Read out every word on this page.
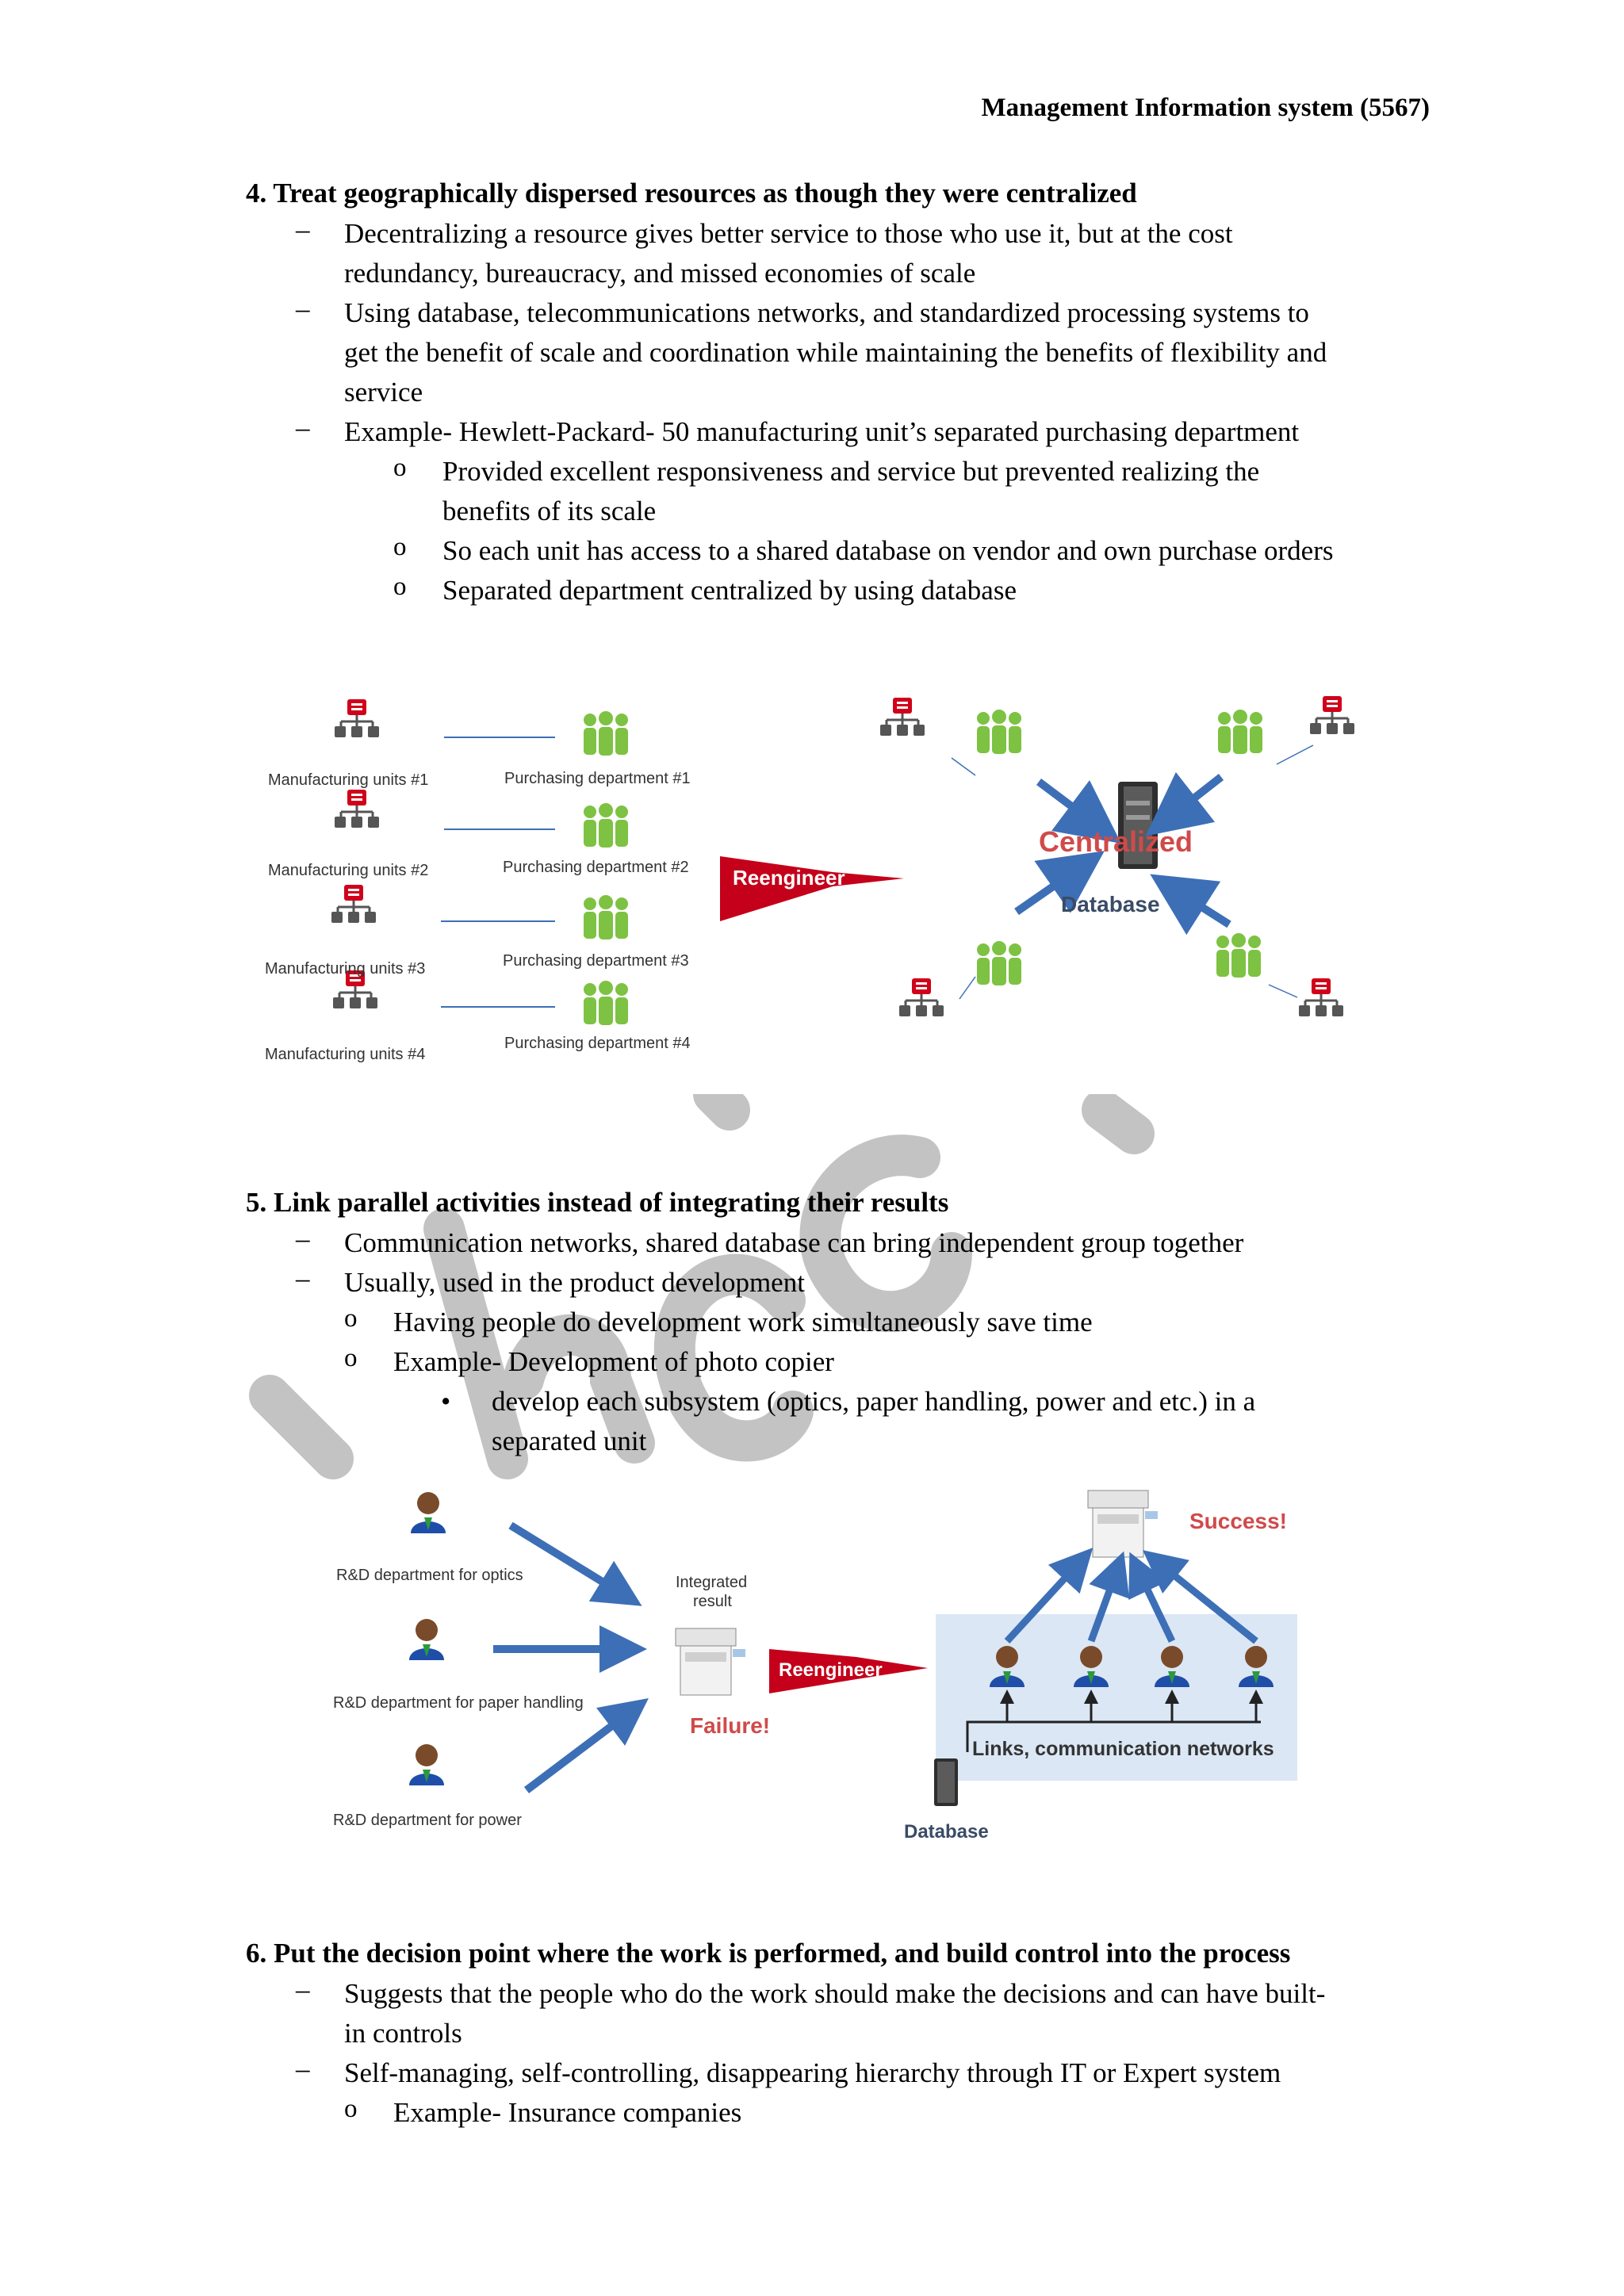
Management Information system (5567)
4. Treat geographically dispersed resources as though they were centralized
– Decentralizing a resource gives better service to those who use it, but at the cost
redundancy, bureaucracy, and missed economies of scale
– Using database, telecommunications networks, and standardized processing systems to
get the benefit of scale and coordination while maintaining the benefits of flexibility and
service
– Example- Hewlett-Packard- 50 manufacturing unit’s separated purchasing department
o Provided excellent responsiveness and service but prevented realizing the
benefits of its scale
o So each unit has access to a shared database on vendor and own purchase orders
o Separated department centralized by using database
Manufacturing units #1
Manufacturing units #2
Manufacturing units #3
Manufacturing units #4
Purchasing department #1
Purchasing department #2
Purchasing department #3
Purchasing department #4
Reengineer
Centralized
Database
5. Link parallel activities instead of integrating their results
– Communication networks, shared database can bring independent group together
– Usually, used in the product development
o Having people do development work simultaneously save time
o Example- Development of photo copier
• develop each subsystem (optics, paper handling, power and etc.) in a
separated unit
R&D department for optics
R&D department for paper handling
R&D department for power
Integrated
result
Failure!
Reengineer
Success!
Links, communication networks
Database
6. Put the decision point where the work is performed, and build control into the process
– Suggests that the people who do the work should make the decisions and can have built-
in controls
– Self-managing, self-controlling, disappearing hierarchy through IT or Expert system
o Example- Insurance companies
